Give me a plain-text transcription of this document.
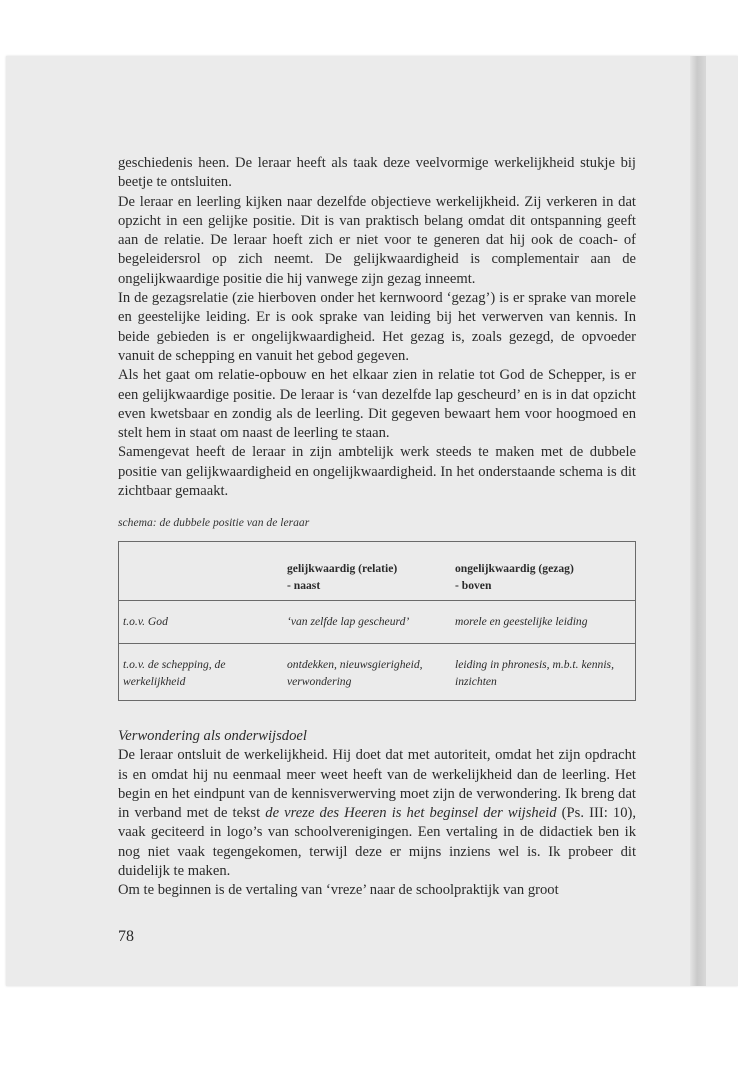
geschiedenis heen. De leraar heeft als taak deze veelvormige werkelijkheid stukje bij beetje te ontsluiten.

De leraar en leerling kijken naar dezelfde objectieve werkelijkheid. Zij verkeren in dat opzicht in een gelijke positie. Dit is van praktisch belang omdat dit ontspanning geeft aan de relatie. De leraar hoeft zich er niet voor te generen dat hij ook de coach- of begeleidersrol op zich neemt. De gelijkwaardigheid is complementair aan de ongelijkwaardige positie die hij vanwege zijn gezag inneemt.

In de gezagsrelatie (zie hierboven onder het kernwoord ‘gezag’) is er sprake van morele en geestelijke leiding. Er is ook sprake van leiding bij het verwerven van kennis. In beide gebieden is er ongelijkwaardigheid. Het gezag is, zoals gezegd, de opvoeder vanuit de schepping en vanuit het gebod gegeven.

Als het gaat om relatie-opbouw en het elkaar zien in relatie tot God de Schepper, is er een gelijkwaardige positie. De leraar is ‘van dezelfde lap gescheurd’ en is in dat opzicht even kwetsbaar en zondig als de leerling. Dit gegeven bewaart hem voor hoogmoed en stelt hem in staat om naast de leerling te staan.

Samengevat heeft de leraar in zijn ambtelijk werk steeds te maken met de dubbele positie van gelijkwaardigheid en ongelijkwaardigheid. In het onderstaande schema is dit zichtbaar gemaakt.

schema: de dubbele positie van de leraar
gelijkwaardig (relatie)
- naast
ongelijkwaardig (gezag)
- boven
t.o.v. God	‘van zelfde lap gescheurd’	morele en geestelijke leiding
t.o.v. de schepping, de werkelijkheid
ontdekken, nieuwsgierigheid, verwondering
leiding in phronesis, m.b.t. kennis, inzichten

Verwondering als onderwijsdoel

De leraar ontsluit de werkelijkheid. Hij doet dat met autoriteit, omdat het zijn opdracht is en omdat hij nu eenmaal meer weet heeft van de werkelijkheid dan de leerling. Het begin en het eindpunt van de kennisverwerving moet zijn de verwondering. Ik breng dat in verband met de tekst de vreze des Heeren is het beginsel der wijsheid (Ps. III: 10), vaak geciteerd in logo’s van schoolverenigingen. Een vertaling in de didactiek ben ik nog niet vaak tegengekomen, terwijl deze er mijns inziens wel is. Ik probeer dit duidelijk te maken.

Om te beginnen is de vertaling van ‘vreze’ naar de schoolpraktijk van groot

78
